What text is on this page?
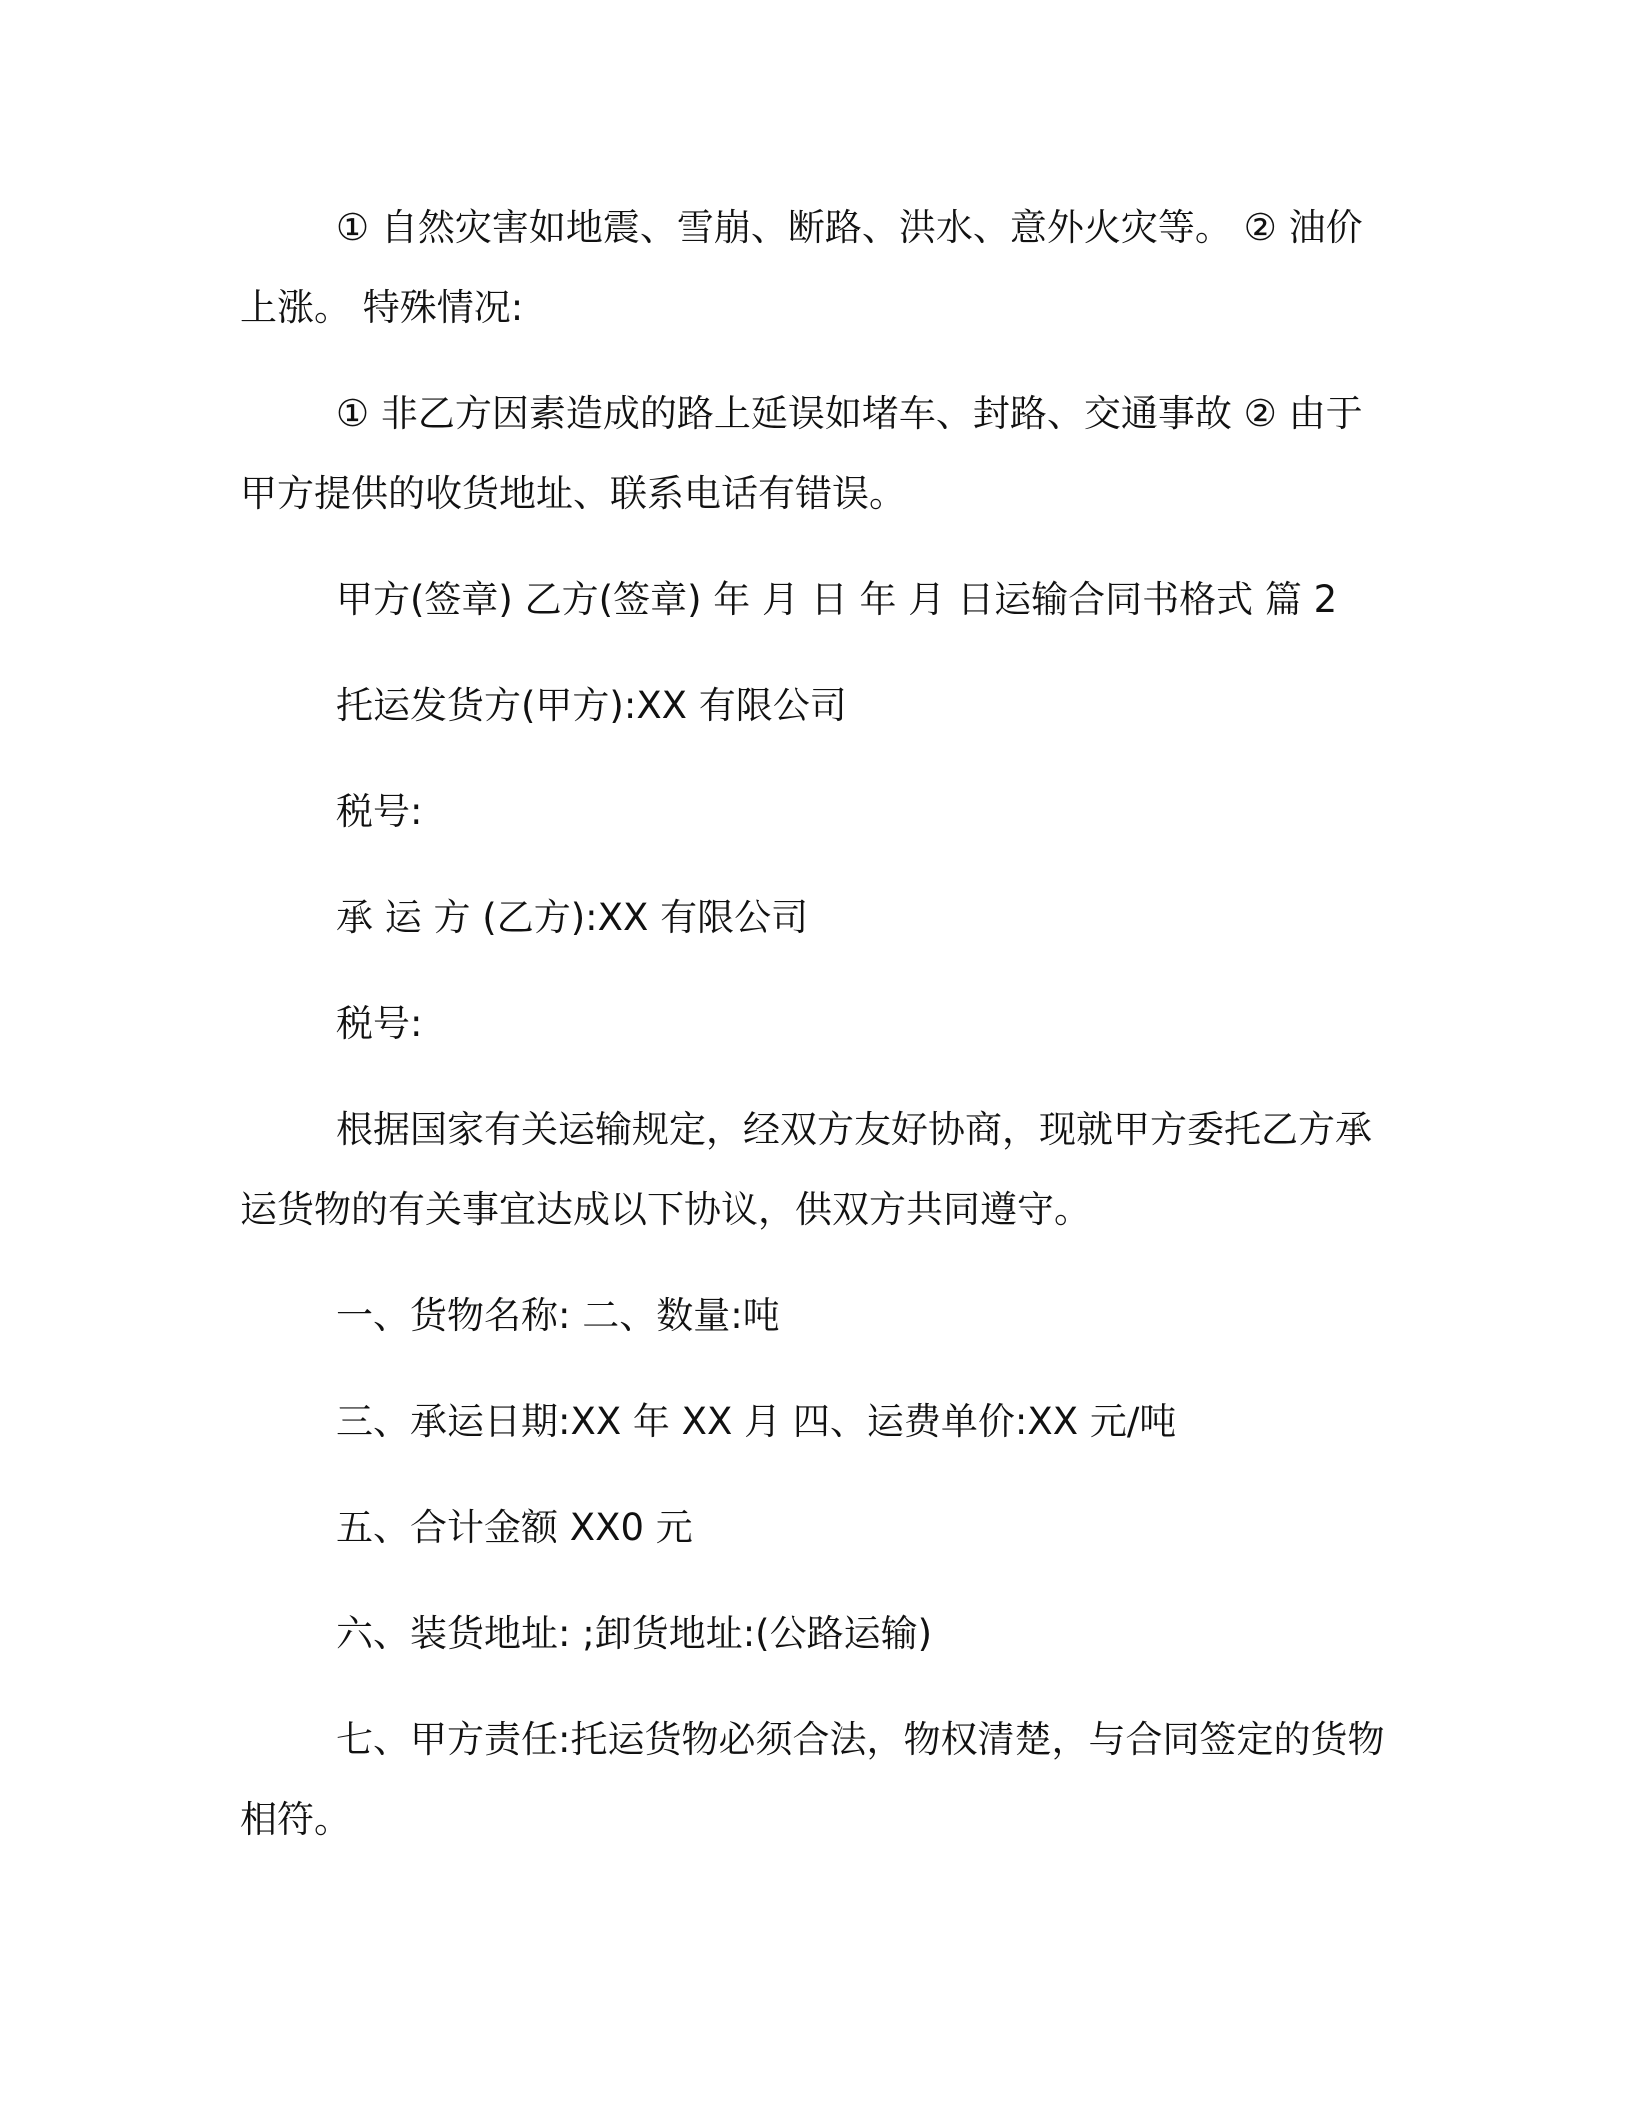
① 自然灾害如地震、雪崩、断路、洪水、意外火灾等。 ② 油价上涨。 特殊情况:

① 非乙方因素造成的路上延误如堵车、封路、交通事故 ② 由于甲方提供的收货地址、联系电话有错误。

甲方(签章) 乙方(签章) 年 月 日 年 月 日运输合同书格式 篇 2

托运发货方(甲方):XX 有限公司

税号:

承 运 方 (乙方):XX 有限公司

税号:

根据国家有关运输规定，经双方友好协商，现就甲方委托乙方承运货物的有关事宜达成以下协议，供双方共同遵守。

一、货物名称: 二、数量:吨

三、承运日期:XX 年 XX 月 四、运费单价:XX 元/吨

五、合计金额 XX0 元

六、装货地址: ;卸货地址:(公路运输)

七、甲方责任:托运货物必须合法，物权清楚，与合同签定的货物相符。
